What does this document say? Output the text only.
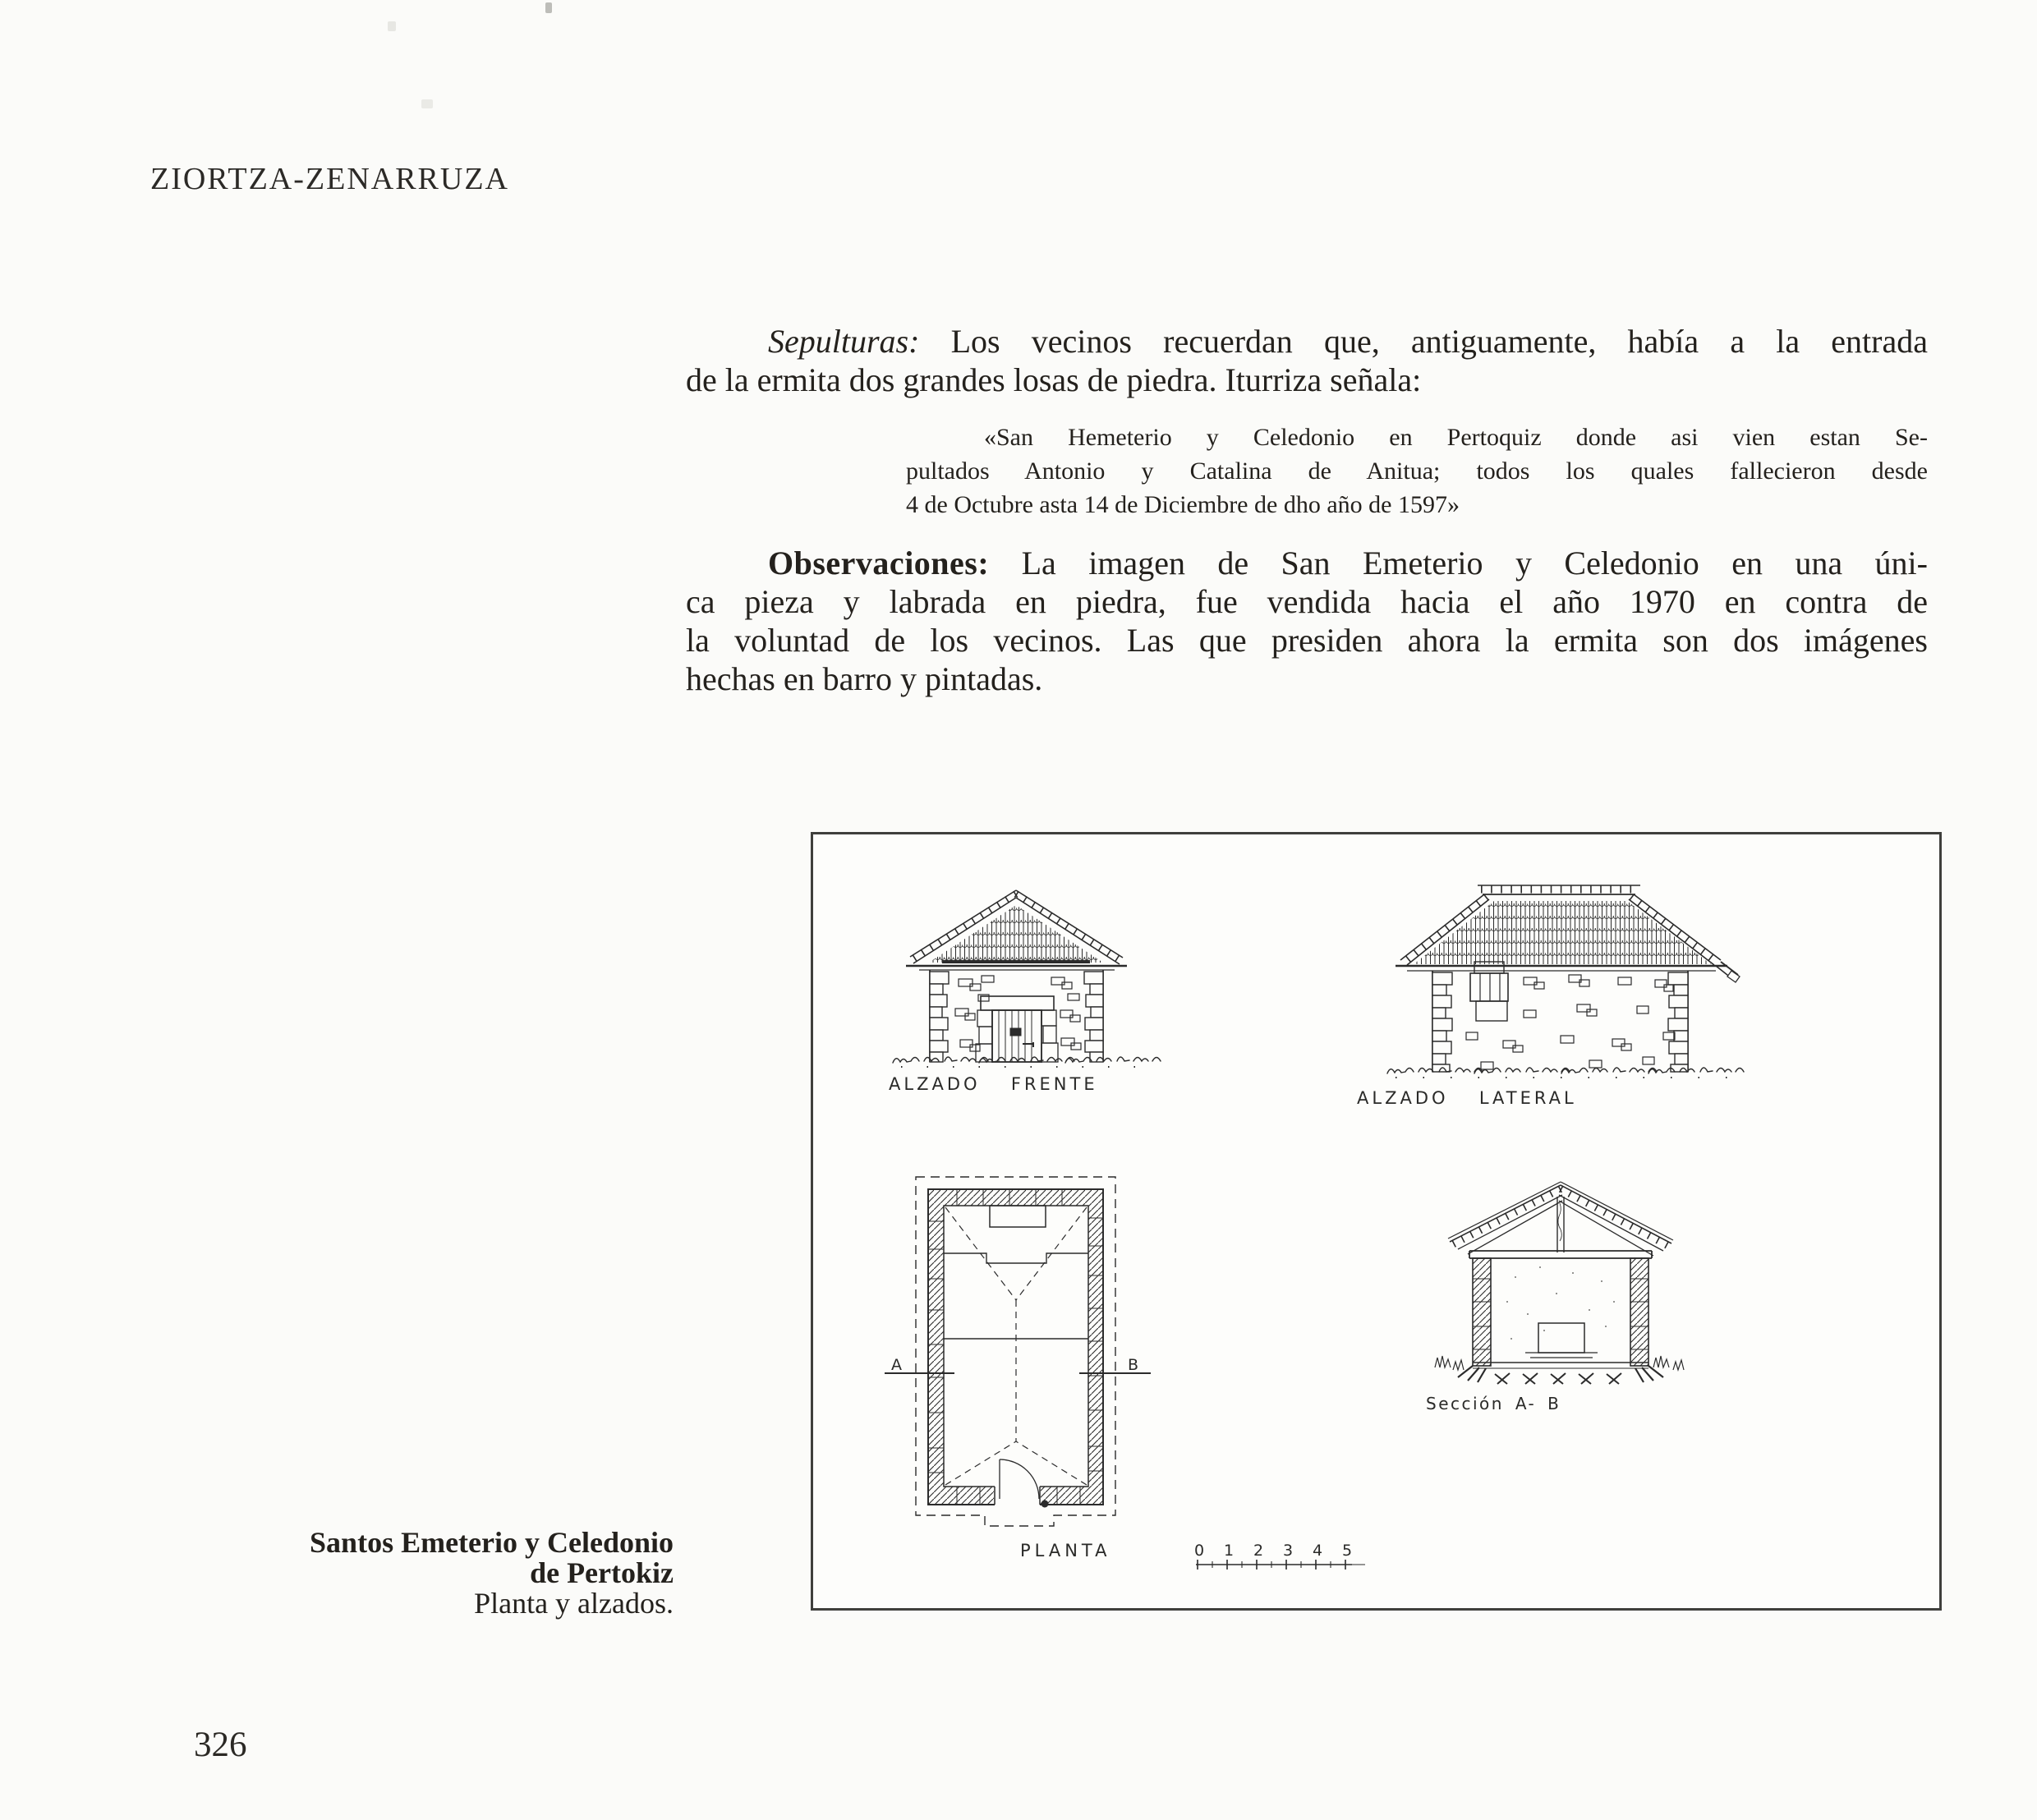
ZIORTZA-ZENARRUZA
Sepulturas: Los vecinos recuerdan que, antiguamente, había a la entrada
de la ermita dos grandes losas de piedra. Iturriza señala:
«San Hemeterio y Celedonio en Pertoquiz donde asi vien estan Se-
pultados Antonio y Catalina de Anitua; todos los quales fallecieron desde
4 de Octubre asta 14 de Diciembre de dho año de 1597»
Observaciones: La imagen de San Emeterio y Celedonio en una úni-
ca pieza y labrada en piedra, fue vendida hacia el año 1970 en contra de
la voluntad de los vecinos. Las que presiden ahora la ermita son dos imágenes
hechas en barro y pintadas.
ALZADO  FRENTE
ALZADO  LATERAL
A	B
PLANTA
Sección A- B
0 1 2 3 4 5
Santos Emeterio y Celedonio
de Pertokiz
Planta y alzados.
326
